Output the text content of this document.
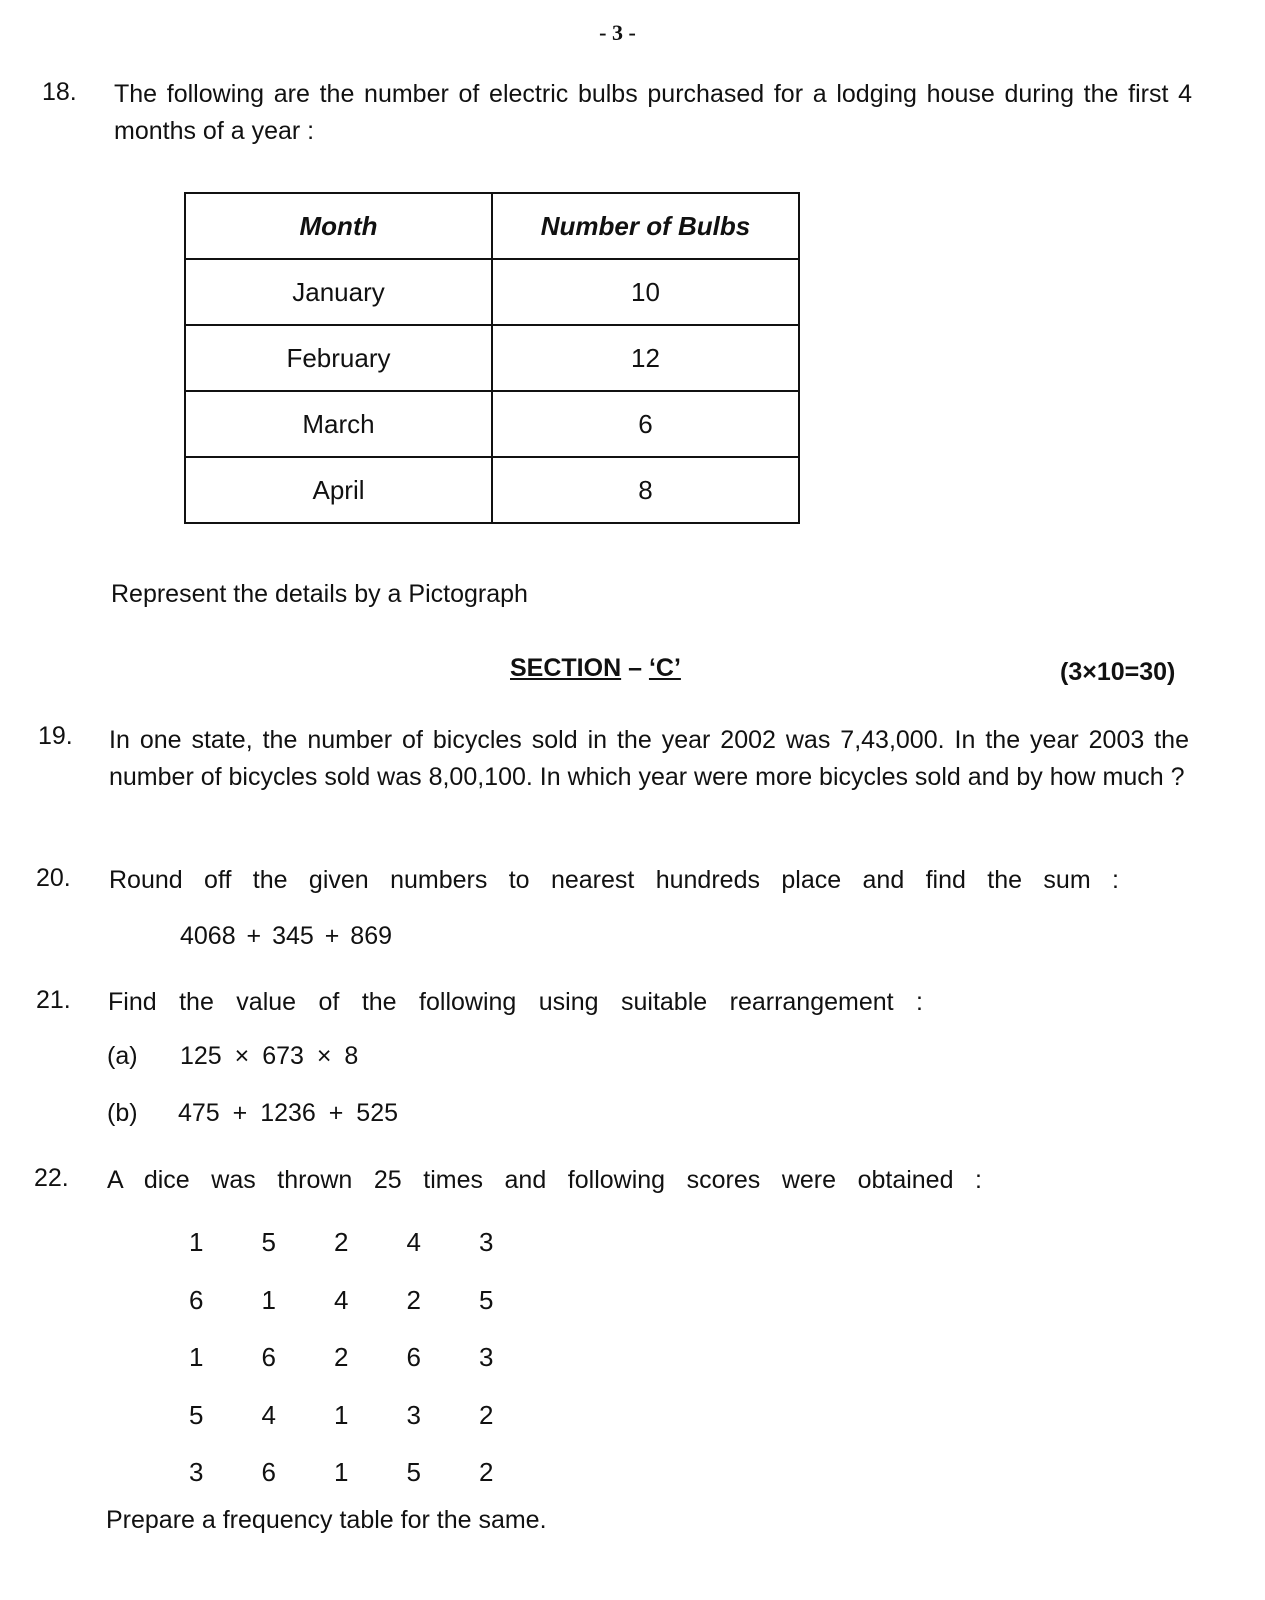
- 3 -
18. The following are the number of electric bulbs purchased for a lodging house during the first 4 months of a year :
Month	Number of Bulbs
January	10
February	12
March	6
April	8
Represent the details by a Pictograph
SECTION – ‘C’	(3×10=30)
19. In one state, the number of bicycles sold in the year 2002 was 7,43,000. In the year 2003 the number of bicycles sold was 8,00,100. In which year were more bicycles sold and by how much ?
20. Round off the given numbers to nearest hundreds place and find the sum :
4068 + 345 + 869
21. Find the value of the following using suitable rearrangement :
(a) 125 × 673 × 8
(b) 475 + 1236 + 525
22. A dice was thrown 25 times and following scores were obtained :
1	5	2	4	3
6	1	4	2	5
1	6	2	6	3
5	4	1	3	2
3	6	1	5	2
Prepare a frequency table for the same.
